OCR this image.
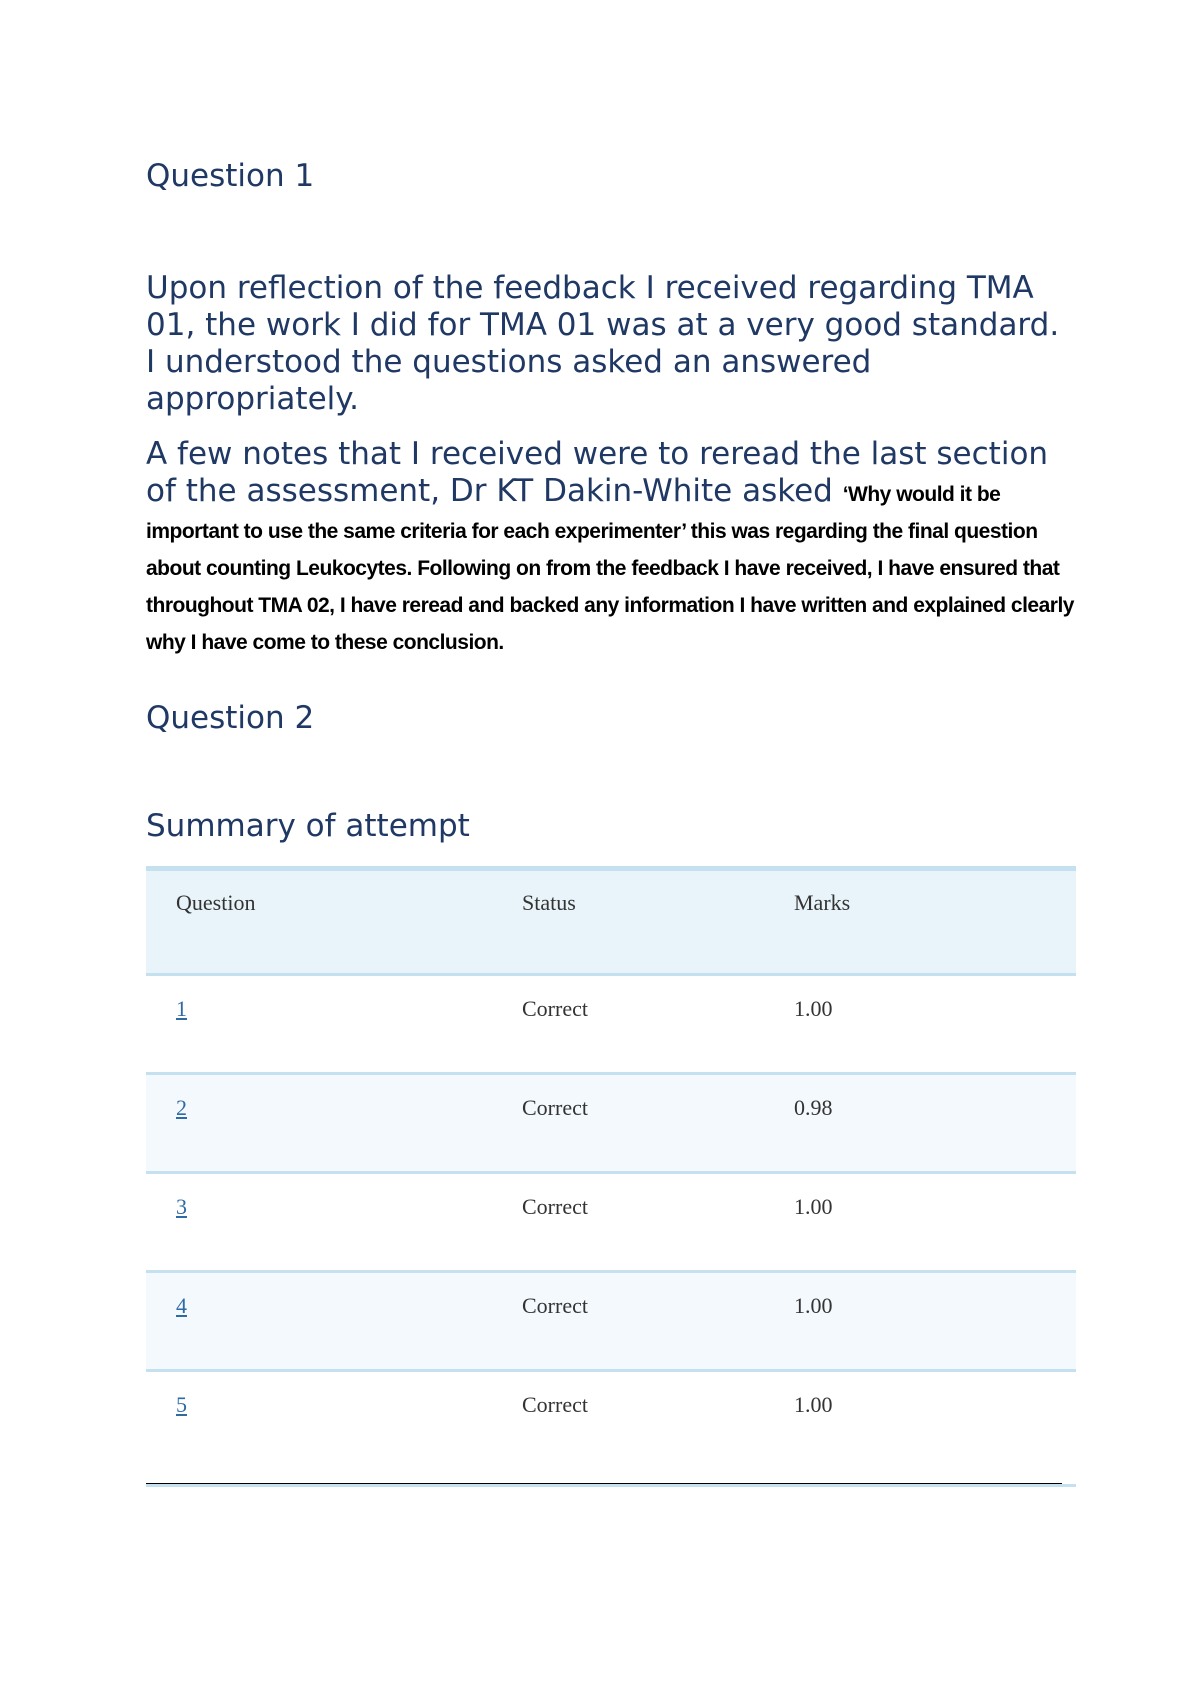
Question 1

Upon reflection of the feedback I received regarding TMA 01, the work I did for TMA 01 was at a very good standard. I understood the questions asked an answered appropriately.

A few notes that I received were to reread the last section of the assessment, Dr KT Dakin-White asked ‘Why would it be important to use the same criteria for each experimenter’ this was regarding the final question about counting Leukocytes. Following on from the feedback I have received, I have ensured that throughout TMA 02, I have reread and backed any information I have written and explained clearly why I have come to these conclusion.

Question 2
Summary of attempt
Question	Status	Marks
1	Correct	1.00
2	Correct	0.98
3	Correct	1.00
4	Correct	1.00
5	Correct	1.00
